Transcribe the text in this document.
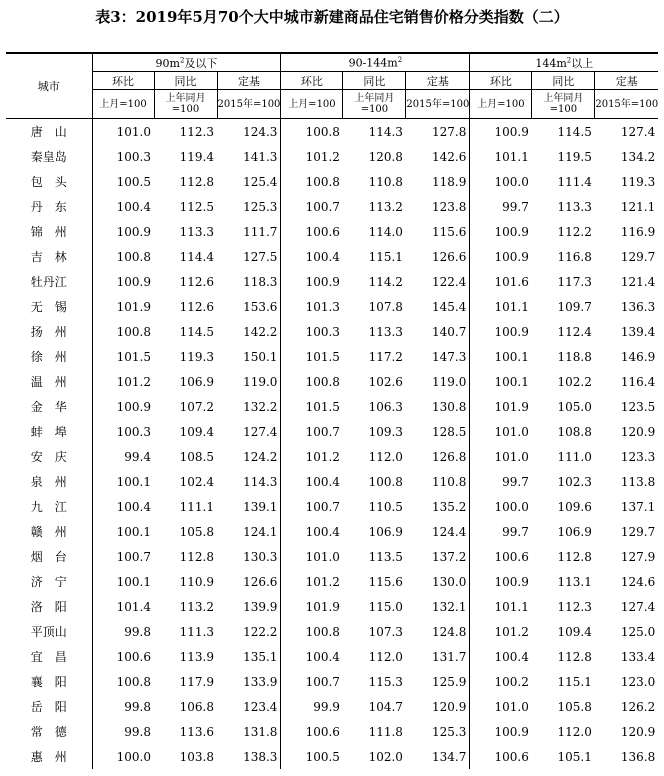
表3：2019年5月70个大中城市新建商品住宅销售价格分类指数（二）
城市	$90m^2$及以下			$90-144m^2$			$144m^2$以上		
	环比	同比	定基	环比	同比	定基	环比	同比	定基
	上月=100	上年同月=100	2015年=100	上月=100	上年同月=100	2015年=100	上月=100	上年同月=100	2015年=100
唐　山	101.0	112.3	124.3	100.8	114.3	127.8	100.9	114.5	127.4
秦皇岛	100.3	119.4	141.3	101.2	120.8	142.6	101.1	119.5	134.2
包　头	100.5	112.8	125.4	100.8	110.8	118.9	100.0	111.4	119.3
丹　东	100.4	112.5	125.3	100.7	113.2	123.8	99.7	113.3	121.1
锦　州	100.9	113.3	111.7	100.6	114.0	115.6	100.9	112.2	116.9
吉　林	100.8	114.4	127.5	100.4	115.1	126.6	100.9	116.8	129.7
牡丹江	100.9	112.6	118.3	100.9	114.2	122.4	101.6	117.3	121.4
无　锡	101.9	112.6	153.6	101.3	107.8	145.4	101.1	109.7	136.3
扬　州	100.8	114.5	142.2	100.3	113.3	140.7	100.9	112.4	139.4
徐　州	101.5	119.3	150.1	101.5	117.2	147.3	100.1	118.8	146.9
温　州	101.2	106.9	119.0	100.8	102.6	119.0	100.1	102.2	116.4
金　华	100.9	107.2	132.2	101.5	106.3	130.8	101.9	105.0	123.5
蚌　埠	100.3	109.4	127.4	100.7	109.3	128.5	101.0	108.8	120.9
安　庆	99.4	108.5	124.2	101.2	112.0	126.8	101.0	111.0	123.3
泉　州	100.1	102.4	114.3	100.4	100.8	110.8	99.7	102.3	113.8
九　江	100.4	111.1	139.1	100.7	110.5	135.2	100.0	109.6	137.1
赣　州	100.1	105.8	124.1	100.4	106.9	124.4	99.7	106.9	129.7
烟　台	100.7	112.8	130.3	101.0	113.5	137.2	100.6	112.8	127.9
济　宁	100.1	110.9	126.6	101.2	115.6	130.0	100.9	113.1	124.6
洛　阳	101.4	113.2	139.9	101.9	115.0	132.1	101.1	112.3	127.4
平顶山	99.8	111.3	122.2	100.8	107.3	124.8	101.2	109.4	125.0
宜　昌	100.6	113.9	135.1	100.4	112.0	131.7	100.4	112.8	133.4
襄　阳	100.8	117.9	133.9	100.7	115.3	125.9	100.2	115.1	123.0
岳　阳	99.8	106.8	123.4	99.9	104.7	120.9	101.0	105.8	126.2
常　德	99.8	113.6	131.8	100.6	111.8	125.3	100.9	112.0	120.9
惠　州	100.0	103.8	138.3	100.5	102.0	134.7	100.6	105.1	136.8
